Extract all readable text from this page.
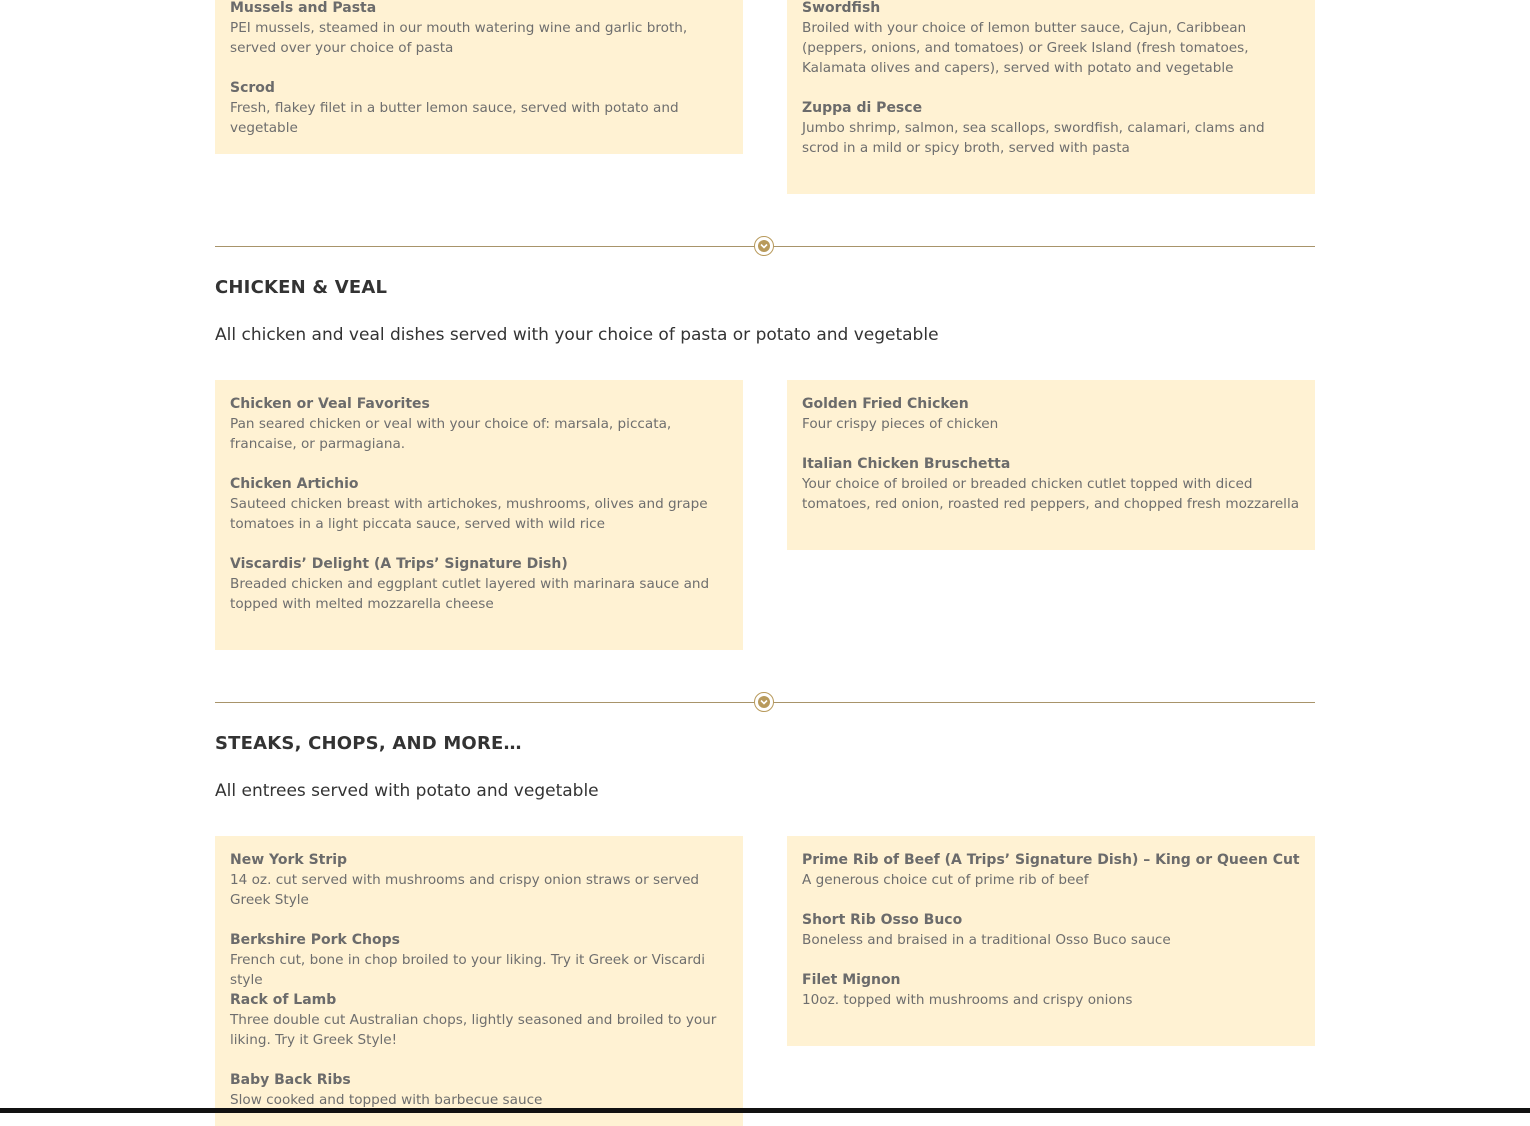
Mussels and Pasta
PEI mussels, steamed in our mouth watering wine and garlic broth, served over your choice of pasta
Scrod
Fresh, flakey filet in a butter lemon sauce, served with potato and vegetable
Swordfish
Broiled with your choice of lemon butter sauce, Cajun, Caribbean (peppers, onions, and tomatoes) or Greek Island (fresh tomatoes, Kalamata olives and capers), served with potato and vegetable
Zuppa di Pesce
Jumbo shrimp, salmon, sea scallops, swordfish, calamari, clams and scrod in a mild or spicy broth, served with pasta
CHICKEN & VEAL
All chicken and veal dishes served with your choice of pasta or potato and vegetable
Chicken or Veal Favorites
Pan seared chicken or veal with your choice of: marsala, piccata, francaise, or parmagiana.
Chicken Artichio
Sauteed chicken breast with artichokes, mushrooms, olives and grape tomatoes in a light piccata sauce, served with wild rice
Viscardis’ Delight (A Trips’ Signature Dish)
Breaded chicken and eggplant cutlet layered with marinara sauce and topped with melted mozzarella cheese
Golden Fried Chicken
Four crispy pieces of chicken
Italian Chicken Bruschetta
Your choice of broiled or breaded chicken cutlet topped with diced tomatoes, red onion, roasted red peppers, and chopped fresh mozzarella
STEAKS, CHOPS, AND MORE…
All entrees served with potato and vegetable
New York Strip
14 oz. cut served with mushrooms and crispy onion straws or served Greek Style
Berkshire Pork Chops
French cut, bone in chop broiled to your liking. Try it Greek or Viscardi style
Rack of Lamb
Three double cut Australian chops, lightly seasoned and broiled to your liking. Try it Greek Style!
Baby Back Ribs
Slow cooked and topped with barbecue sauce
Prime Rib of Beef (A Trips’ Signature Dish) – King or Queen Cut
A generous choice cut of prime rib of beef
Short Rib Osso Buco
Boneless and braised in a traditional Osso Buco sauce
Filet Mignon
10oz. topped with mushrooms and crispy onions
